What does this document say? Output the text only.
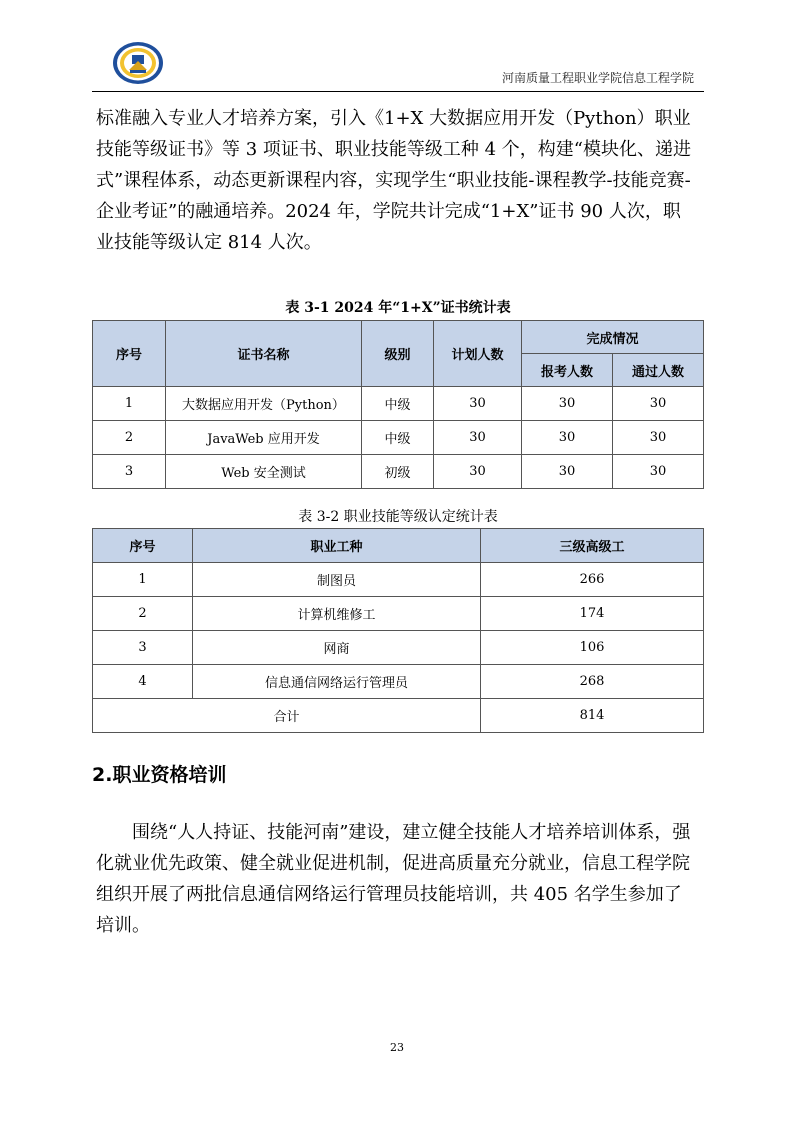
河南质量工程职业学院信息工程学院

标准融入专业人才培养方案，引入《1+X 大数据应用开发（Python）职业技能等级证书》等 3 项证书、职业技能等级工种 4 个，构建“模块化、递进式”课程体系，动态更新课程内容，实现学生“职业技能-课程教学-技能竞赛-企业考证”的融通培养。2024 年，学院共计完成“1+X”证书 90 人次，职业技能等级认定 814 人次。

表 3-1 2024 年“1+X”证书统计表
序号	证书名称	级别	计划人数	完成情况	
				报考人数	通过人数
1	大数据应用开发（Python）	中级	30	30	30
2	JavaWeb 应用开发	中级	30	30	30
3	Web 安全测试	初级	30	30	30
表 3-2 职业技能等级认定统计表
序号	职业工种	三级高级工
1	制图员	266
2	计算机维修工	174
3	网商	106
4	信息通信网络运行管理员	268
合计		814
2.职业资格培训

围绕“人人持证、技能河南”建设，建立健全技能人才培养培训体系，强化就业优先政策、健全就业促进机制，促进高质量充分就业，信息工程学院组织开展了两批信息通信网络运行管理员技能培训，共 405 名学生参加了培训。

23
